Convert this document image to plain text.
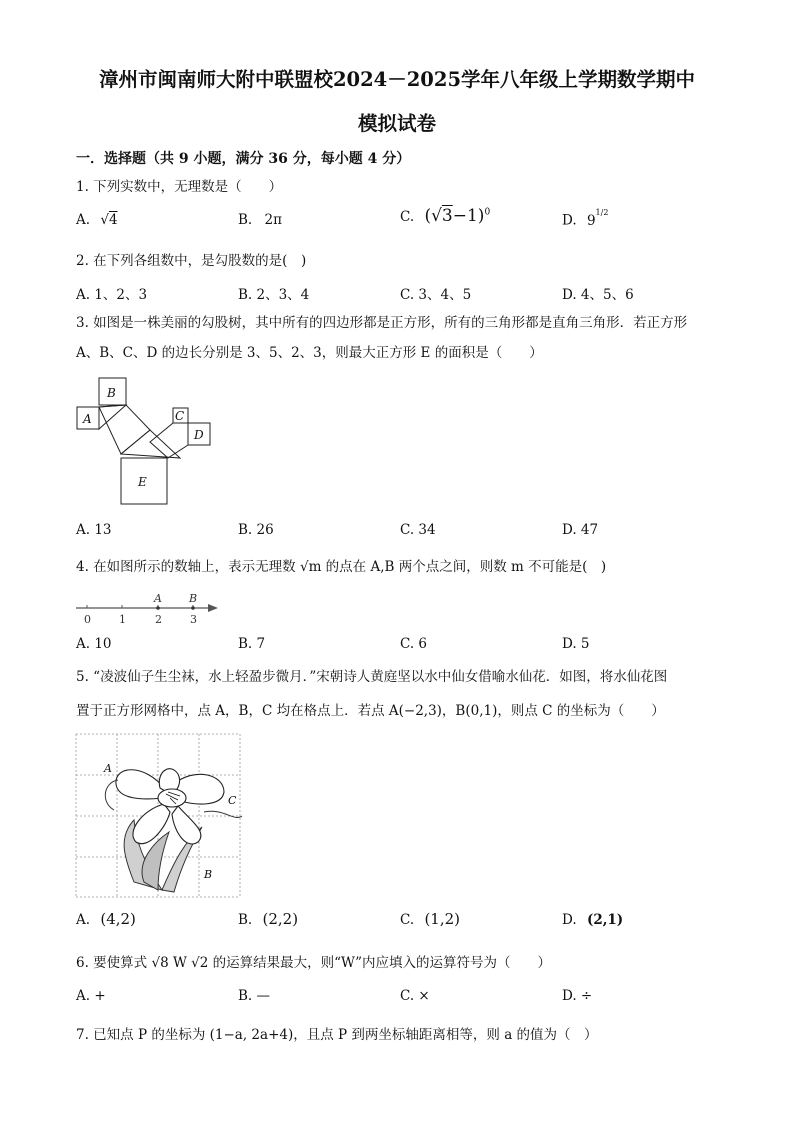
漳州市闽南师大附中联盟校2024－2025学年八年级上学期数学期中
模拟试卷
一．选择题（共 9 小题，满分 36 分，每小题 4 分）
1. 下列实数中，无理数是（　　）
A. √4	B. 2π	C. $(√3-1)^0$
D. $9^{1/2}$
2. 在下列各组数中，是勾股数的是(　)
A. 1、2、3	B. 2、3、4	C. 3、4、5	D. 4、5、6
3. 如图是一株美丽的勾股树，其中所有的四边形都是正方形，所有的三角形都是直角三角形．若正方形
A、B、C、D 的边长分别是 3、5、2、3，则最大正方形 E 的面积是（　　）
B
A	C
D
E
A. 13	B. 26	C. 34	D. 47
4. 在如图所示的数轴上，表示无理数 √m 的点在 A,B 两个点之间，则数 m 不可能是(　)
0	1	2	3
A B
A. 10	B. 7	C. 6	D. 5
5. “凌波仙子生尘袜，水上轻盈步微月．”宋朝诗人黄庭坚以水中仙女借喻水仙花．如图，将水仙花图
置于正方形网格中，点 A，B，C 均在格点上．若点 A(−2,3)，B(0,1)，则点 C 的坐标为（　　）
A
B
C
A. (4,2)	B. (2,2)	C. (1,2)	D. (2,1)
6. 要使算式 √8 W √2 的运算结果最大，则“W”内应填入的运算符号为（　　）
A. +	B. —	C. ×	D. ÷
7. 已知点 P 的坐标为 (1−a, 2a+4)，且点 P 到两坐标轴距离相等，则 a 的值为（　）
